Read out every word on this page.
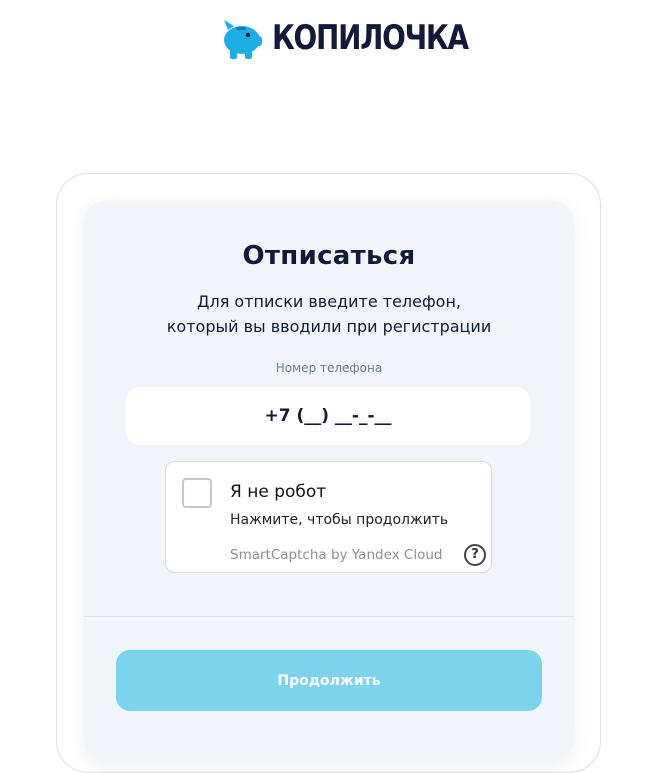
КОПИЛОЧКА
Отписаться
Для отписки введите телефон,
который вы вводили при регистрации
Номер телефона
+7 (__) __-_-__
Я не робот
Нажмите, чтобы продолжить
SmartCaptcha by Yandex Cloud	?
Продолжить
